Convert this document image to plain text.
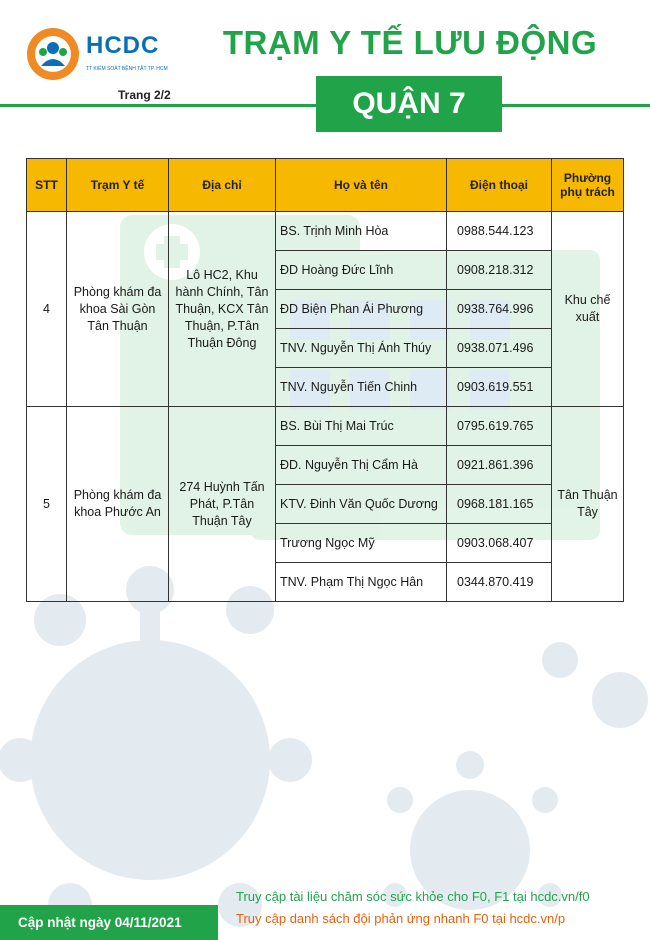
HCDC
TT KIỂM SOÁT BỆNH TẬT TP. HCM
TRẠM Y TẾ LƯU ĐỘNG
Trang 2/2	QUẬN 7
STT	Trạm Y tế	Địa chỉ	Họ và tên	Điện thoại	Phường phụ trách
4	Phòng khám đa khoa Sài Gòn Tân Thuận	Lô HC2, Khu hành Chính, Tân Thuận, KCX Tân Thuận, P.Tân Thuận Đông	BS. Trịnh Minh Hòa	0988.544.123	Khu chế xuất
			ĐD Hoàng Đức Lĩnh	0908.218.312	
			ĐD Biện Phan Ái Phương	0938.764.996	
			TNV. Nguyễn Thị Ánh Thúy	0938.071.496	
			TNV. Nguyễn Tiến Chinh	0903.619.551	
5	Phòng khám đa khoa Phước An	274 Huỳnh Tấn Phát, P.Tân Thuận Tây	BS. Bùi Thị Mai Trúc	0795.619.765	Tân Thuận Tây
			ĐD. Nguyễn Thị Cẩm Hà	0921.861.396	
			KTV. Đinh Văn Quốc Dương	0968.181.165	
			Trương Ngọc Mỹ	0903.068.407	
			TNV. Phạm Thị Ngọc Hân	0344.870.419	
Truy cập tài liệu chăm sóc sức khỏe cho F0, F1 tại hcdc.vn/f0
Truy cập danh sách đội phản ứng nhanh F0 tại hcdc.vn/p
Cập nhật ngày 04/11/2021
